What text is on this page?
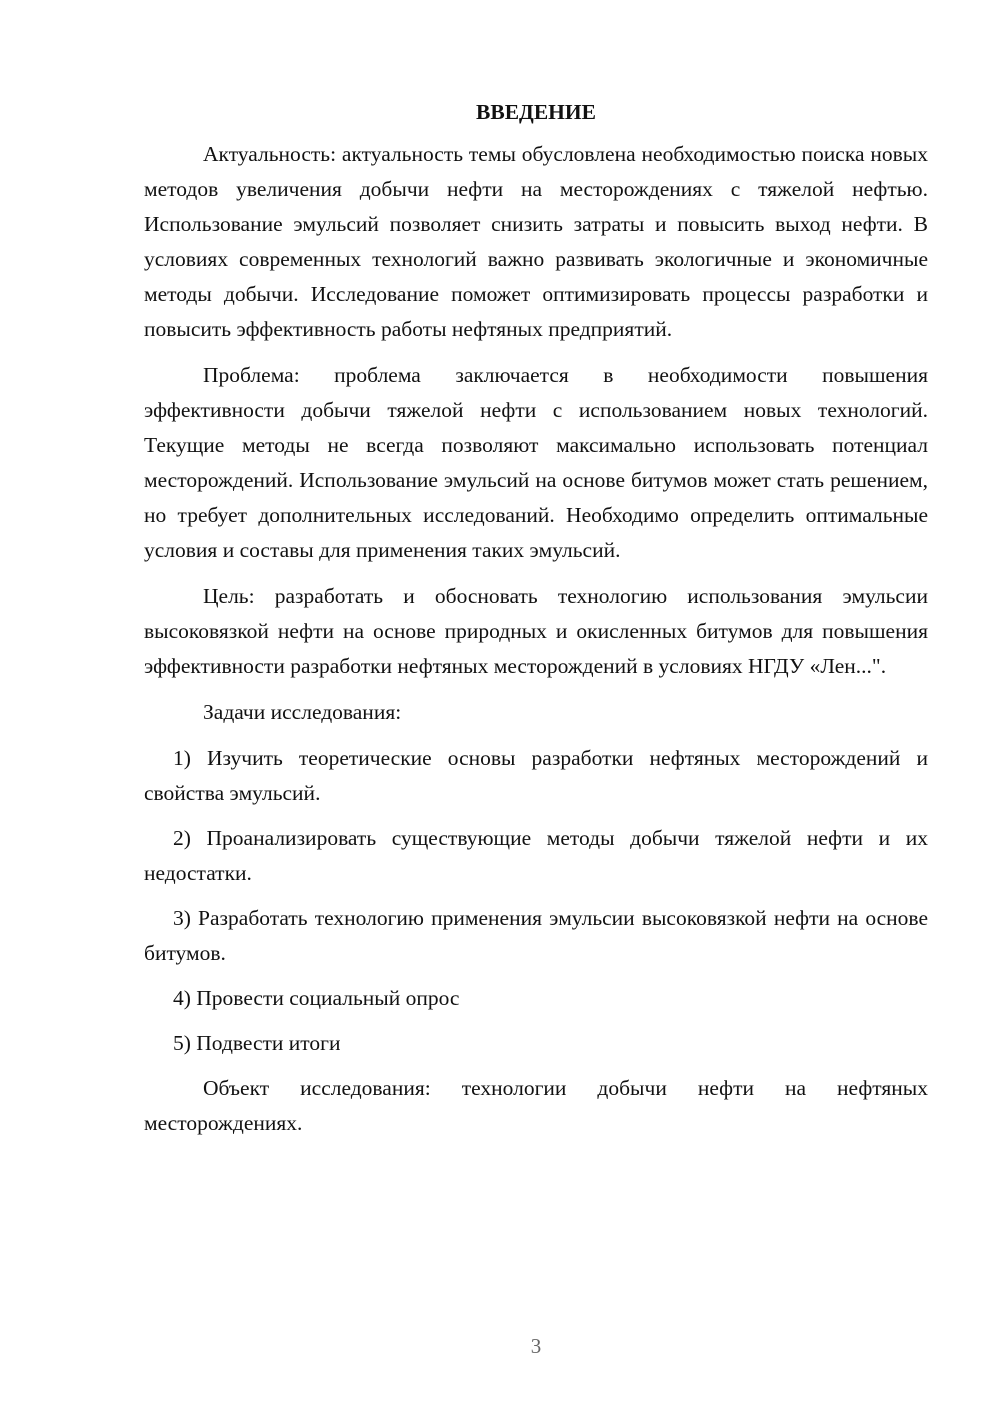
ВВЕДЕНИЕ

Актуальность: актуальность темы обусловлена необходимостью поиска новых методов увеличения добычи нефти на месторождениях с тяжелой нефтью. Использование эмульсий позволяет снизить затраты и повысить выход нефти. В условиях современных технологий важно развивать экологичные и экономичные методы добычи. Исследование поможет оптимизировать процессы разработки и повысить эффективность работы нефтяных предприятий.

Проблема: проблема заключается в необходимости повышения эффективности добычи тяжелой нефти с использованием новых технологий. Текущие методы не всегда позволяют максимально использовать потенциал месторождений. Использование эмульсий на основе битумов может стать решением, но требует дополнительных исследований. Необходимо определить оптимальные условия и составы для применения таких эмульсий.

Цель: разработать и обосновать технологию использования эмульсии высоковязкой нефти на основе природных и окисленных битумов для повышения эффективности разработки нефтяных месторождений в условиях НГДУ «Лен...".

Задачи исследования:

1) Изучить теоретические основы разработки нефтяных месторождений и свойства эмульсий.

2) Проанализировать существующие методы добычи тяжелой нефти и их недостатки.

3) Разработать технологию применения эмульсии высоковязкой нефти на основе битумов.

4) Провести социальный опрос

5) Подвести итоги

Объект исследования: технологии добычи нефти на нефтяных месторождениях.

3
